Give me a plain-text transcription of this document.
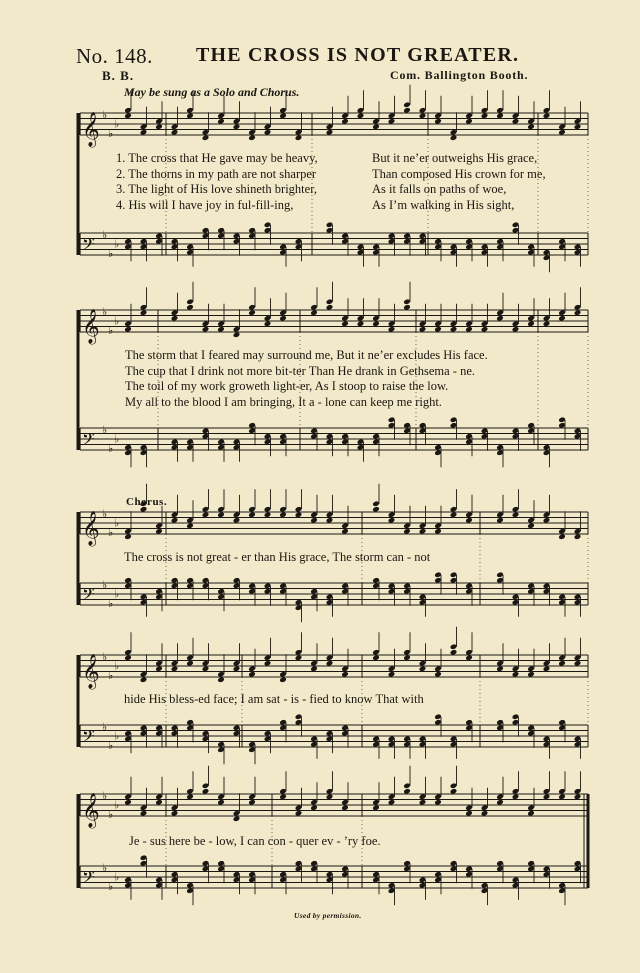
No. 148. THE CROSS IS NOT GREATER.
B. B.	Com. Ballington Booth.
May be sung as a Solo and Chorus.
𝄞 ♭
♭
♭
𝄢 ♭
♭
♭
𝄞 ♭
♭
♭
𝄢 ♭
♭
♭
𝄞 ♭
♭
♭
𝄢 ♭
♭
♭
𝄞 ♭
♭
♭
𝄢 ♭
♭
♭
𝄞 ♭
♭
♭
𝄢 ♭
♭
♭
1. The cross that He gave may be heavy,
2. The thorns in my path are not sharper
3. The light of His love shineth brighter,
4. His will I have joy in ful-fill-ing,
But it ne’er outweighs His grace,
Than composed His crown for me,
As it falls on paths of woe,
As I’m walking in His sight,
The storm that I feared may surround me, But it ne’er excludes His face.
The cup that I drink not more bit-ter Than He drank in Gethsema - ne.
The toil of my work groweth light-er, As I stoop to raise the low.
My all to the blood I am bringing, It a - lone can keep me right.
Chorus.
The cross is not great - er than His grace, The storm can - not
hide His bless-ed face; I am sat - is - fied to know That with
Je - sus here be - low, I can con - quer ev - ’ry foe.
Used by permission.
